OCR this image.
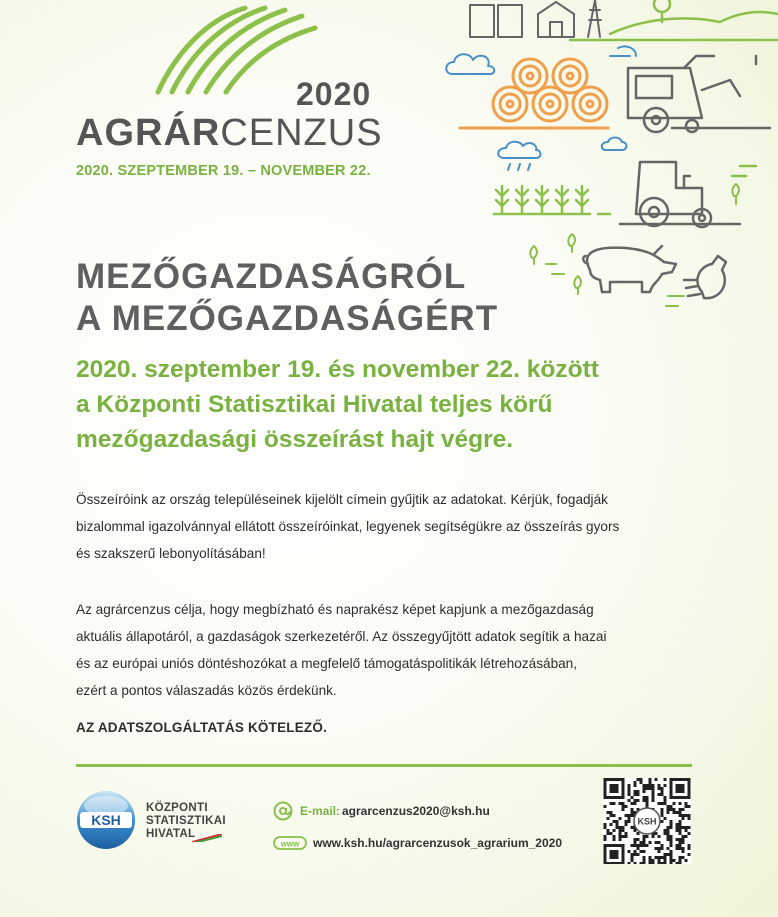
2020
AGRÁRCENZUS
2020. SZEPTEMBER 19. – NOVEMBER 22.
MEZŐGAZDASÁGRÓL
A MEZŐGAZDASÁGÉRT
2020. szeptember 19. és november 22. között
a Központi Statisztikai Hivatal teljes körű
mezőgazdasági összeírást hajt végre.
Összeíróink az ország településeinek kijelölt címein gyűjtik az adatokat. Kérjük, fogadják
bizalommal igazolvánnyal ellátott összeíróinkat, legyenek segítségükre az összeírás gyors
és szakszerű lebonyolításában!
Az agrárcenzus célja, hogy megbízható és naprakész képet kapjunk a mezőgazdaság
aktuális állapotáról, a gazdaságok szerkezetéről. Az összegyűjtött adatok segítik a hazai
és az európai uniós döntéshozókat a megfelelő támogatáspolitikák létrehozásában,
ezért a pontos válaszadás közös érdekünk.
AZ ADATSZOLGÁLTATÁS KÖTELEZŐ.
KSH
KÖZPONTI
STATISZTIKAI
HIVATAL
E-mail: agrarcenzus2020@ksh.hu
www www.ksh.hu/agrarcenzusok_agrarium_2020
KSH
